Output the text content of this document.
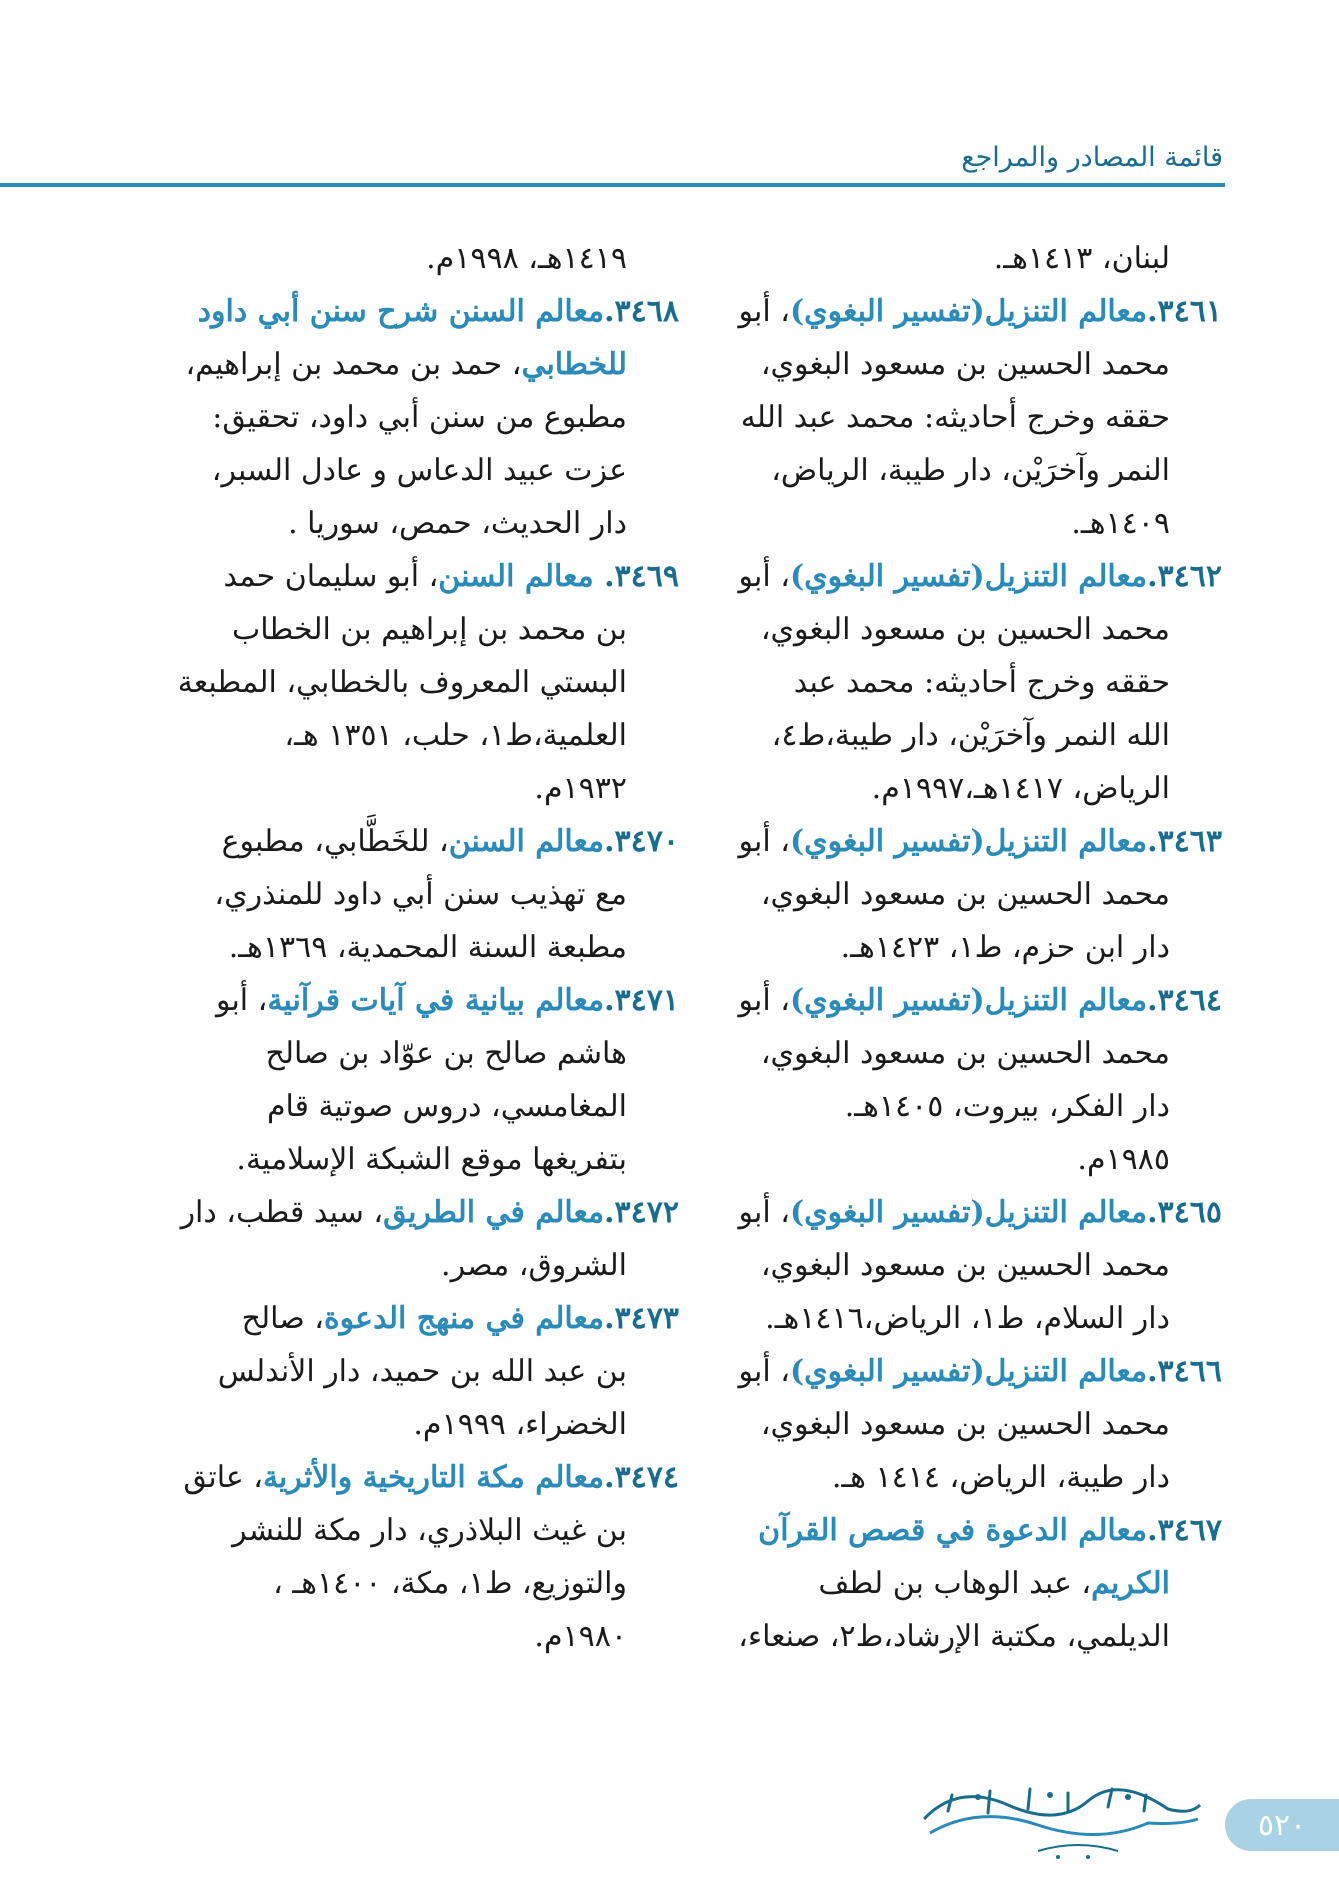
قائمة المصادر والمراجع
لبنان، ١٤١٣هـ.
٣٤٦١.معالم التنزيل(تفسير البغوي)، أبو
محمد الحسين بن مسعود البغوي،
حققه وخرج أحاديثه: محمد عبد الله
النمر وآخرَيْن، دار طيبة، الرياض،
١٤٠٩هـ.
٣٤٦٢.معالم التنزيل(تفسير البغوي)، أبو
محمد الحسين بن مسعود البغوي،
حققه وخرج أحاديثه: محمد عبد
الله النمر وآخرَيْن، دار طيبة،ط٤،
الرياض، ١٤١٧هـ،١٩٩٧م.
٣٤٦٣.معالم التنزيل(تفسير البغوي)، أبو
محمد الحسين بن مسعود البغوي،
دار ابن حزم، ط١، ١٤٢٣هـ.
٣٤٦٤.معالم التنزيل(تفسير البغوي)، أبو
محمد الحسين بن مسعود البغوي،
دار الفكر، بيروت، ١٤٠٥هـ.
١٩٨٥م.
٣٤٦٥.معالم التنزيل(تفسير البغوي)، أبو
محمد الحسين بن مسعود البغوي،
دار السلام، ط١، الرياض،١٤١٦هـ.
٣٤٦٦.معالم التنزيل(تفسير البغوي)، أبو
محمد الحسين بن مسعود البغوي،
دار طيبة، الرياض، ١٤١٤ هـ.
٣٤٦٧.معالم الدعوة في قصص القرآن
الكريم، عبد الوهاب بن لطف
الديلمي، مكتبة الإرشاد،ط٢، صنعاء،
١٤١٩هـ، ١٩٩٨م.
٣٤٦٨.معالم السنن شرح سنن أبي داود
للخطابي، حمد بن محمد بن إبراهيم،
مطبوع من سنن أبي داود، تحقيق:
عزت عبيد الدعاس و عادل السبر،
دار الحديث، حمص، سوريا .
٣٤٦٩. معالم السنن، أبو سليمان حمد
بن محمد بن إبراهيم بن الخطاب
البستي المعروف بالخطابي، المطبعة
العلمية،ط١، حلب، ١٣٥١ هـ،
١٩٣٢م.
٣٤٧٠.معالم السنن، للخَطَّابي، مطبوع
مع تهذيب سنن أبي داود للمنذري،
مطبعة السنة المحمدية، ١٣٦٩هـ.
٣٤٧١.معالم بيانية في آيات قرآنية، أبو
هاشم صالح بن عوّاد بن صالح
المغامسي، دروس صوتية قام
بتفريغها موقع الشبكة الإسلامية.
٣٤٧٢.معالم في الطريق، سيد قطب، دار
الشروق، مصر.
٣٤٧٣.معالم في منهج الدعوة، صالح
بن عبد الله بن حميد، دار الأندلس
الخضراء، ١٩٩٩م.
٣٤٧٤.معالم مكة التاريخية والأثرية، عاتق
بن غيث البلاذري، دار مكة للنشر
والتوزيع، ط١، مكة، ١٤٠٠هـ ،
١٩٨٠م.
٥٢٠
